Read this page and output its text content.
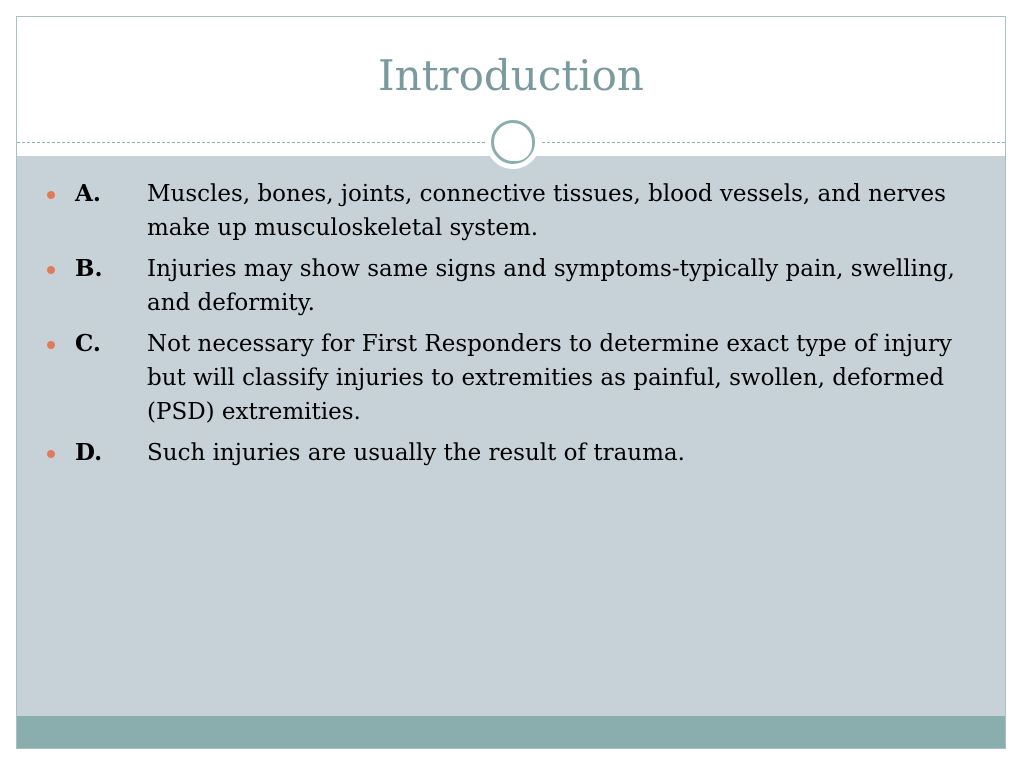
Introduction
A.	Muscles, bones, joints, connective tissues, blood vessels, and nerves make up musculoskeletal system.
B.	Injuries may show same signs and symptoms-typically pain, swelling, and deformity.
C.	Not necessary for First Responders to determine exact type of injury but will classify injuries to extremities as painful, swollen, deformed (PSD) extremities.
D.	Such injuries are usually the result of trauma.
